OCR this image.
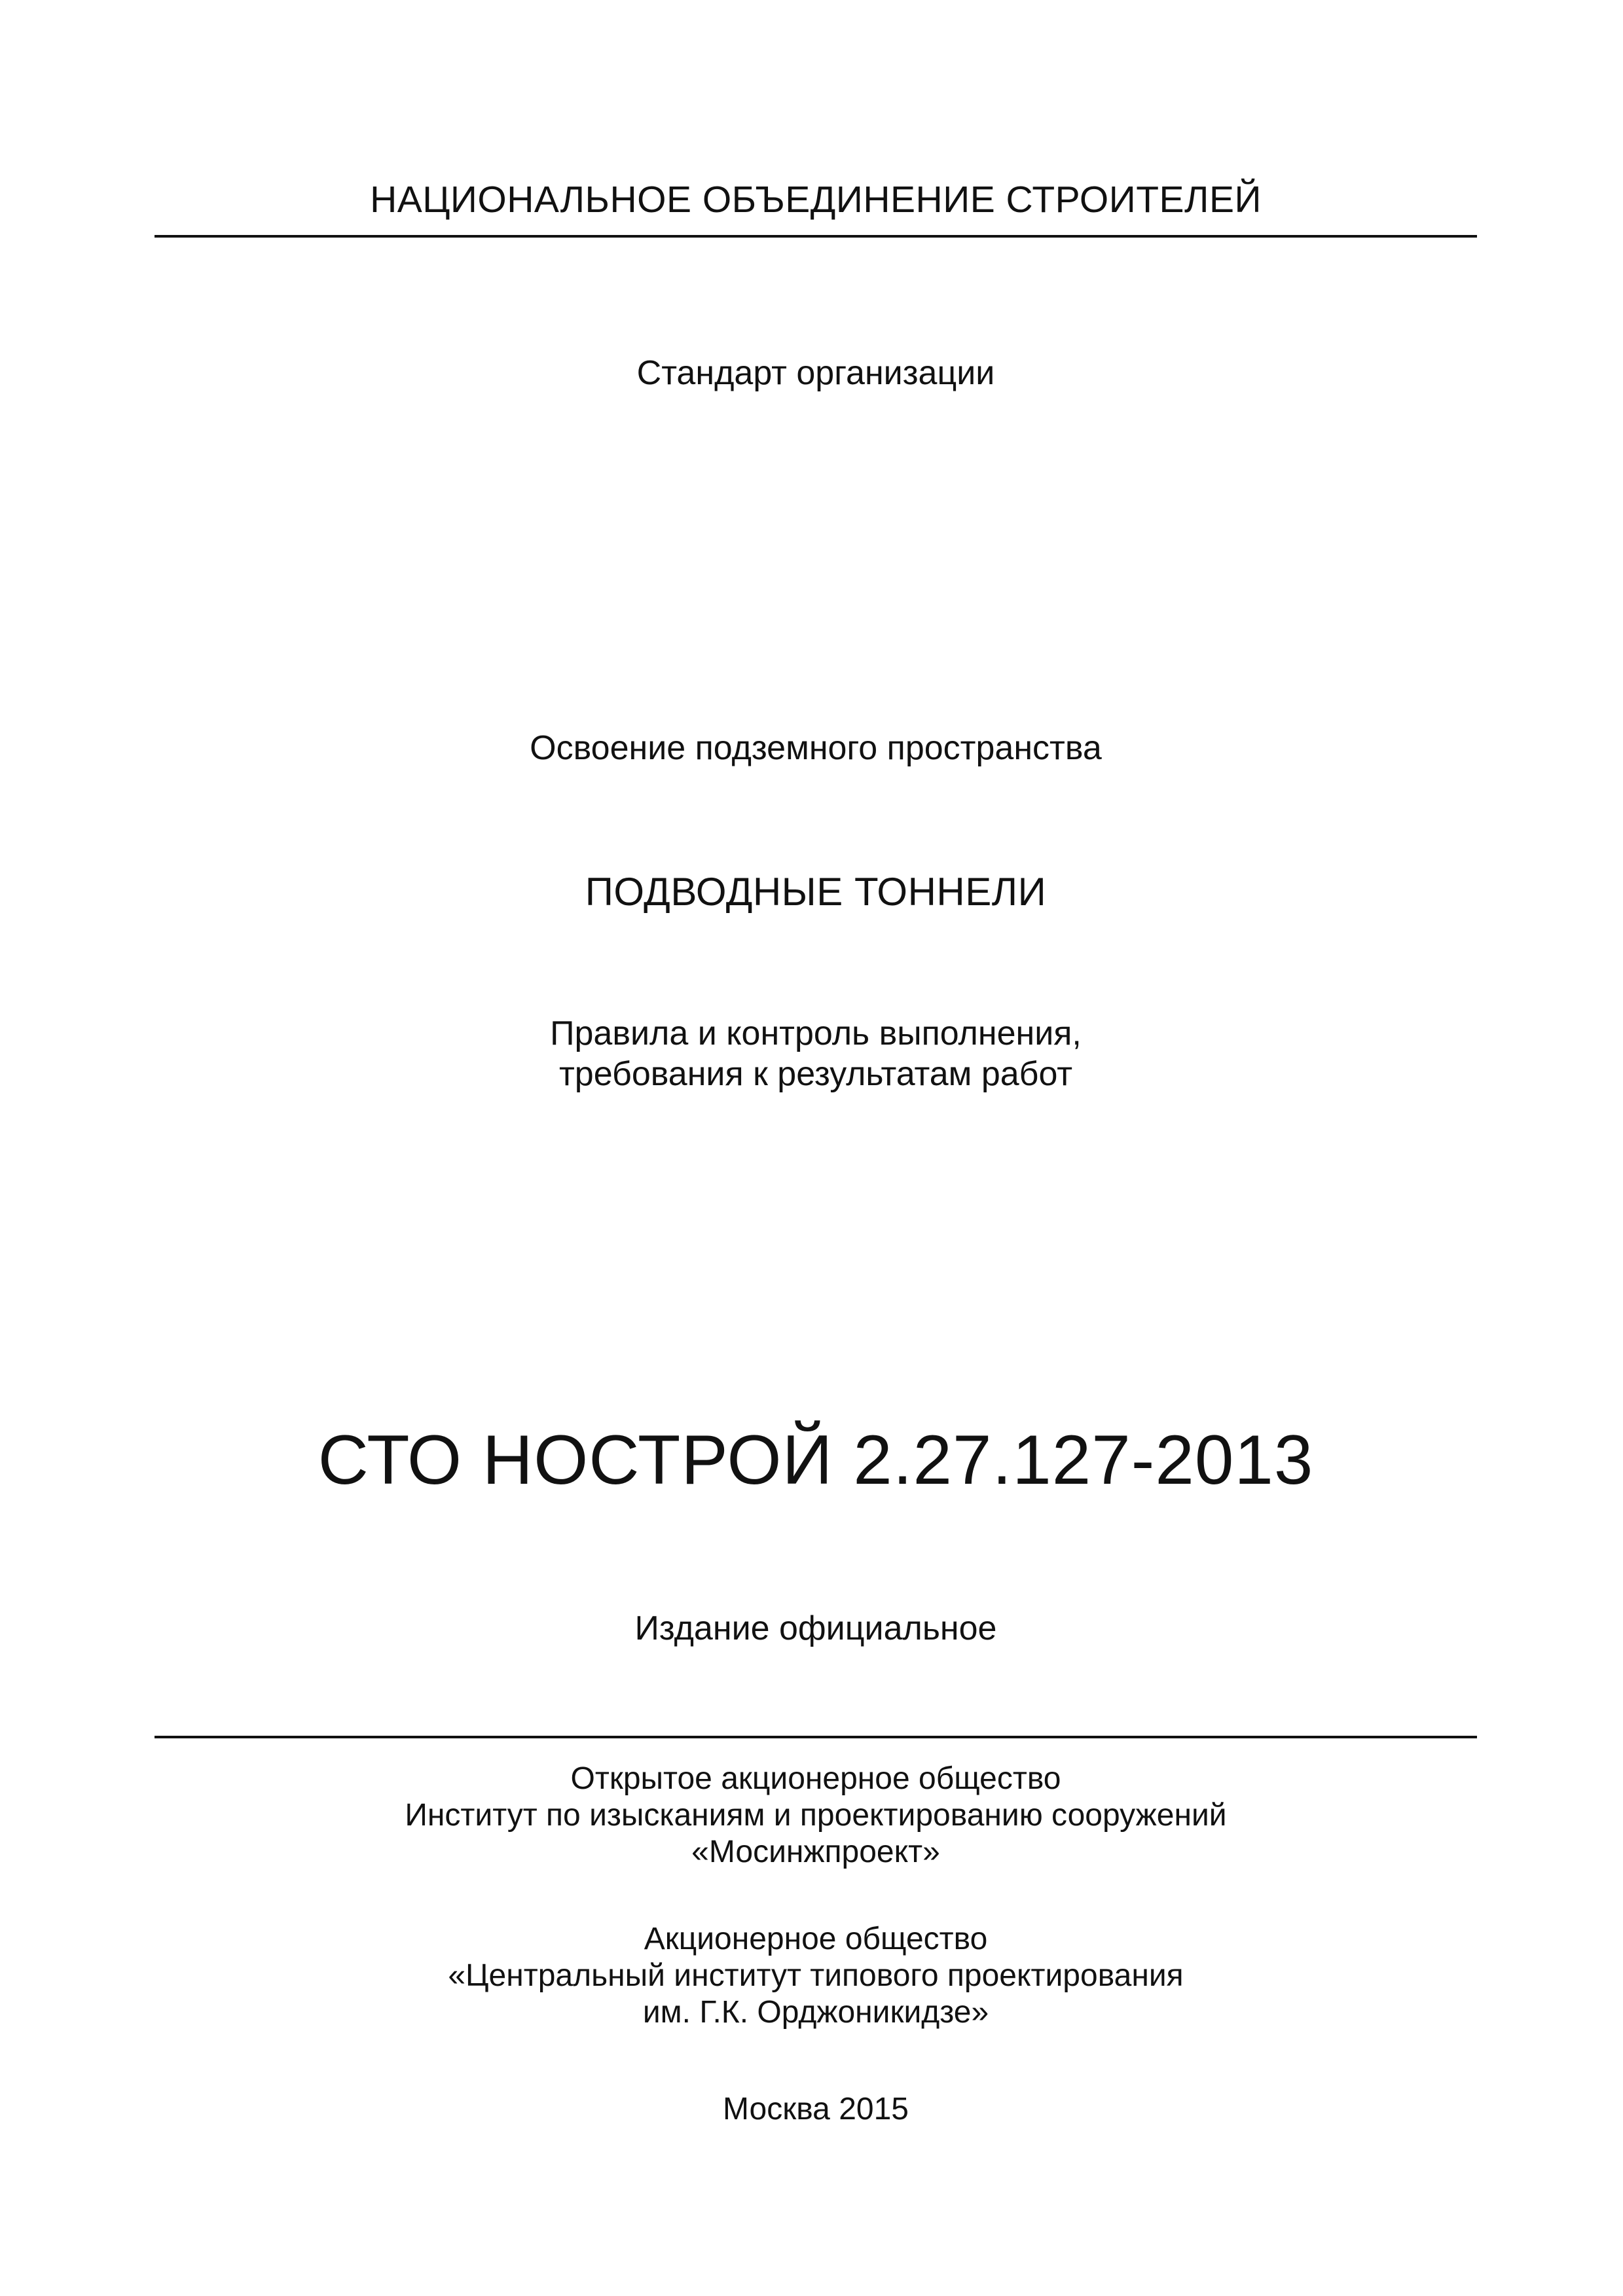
НАЦИОНАЛЬНОЕ ОБЪЕДИНЕНИЕ СТРОИТЕЛЕЙ
Стандарт организации
Освоение подземного пространства
ПОДВОДНЫЕ ТОННЕЛИ
Правила и контроль выполнения,
требования к результатам работ
СТО НОСТРОЙ 2.27.127-2013
Издание официальное
Открытое акционерное общество
Институт по изысканиям и проектированию сооружений
«Мосинжпроект»
Акционерное общество
«Центральный институт типового проектирования
им. Г.К. Орджоникидзе»
Москва 2015
